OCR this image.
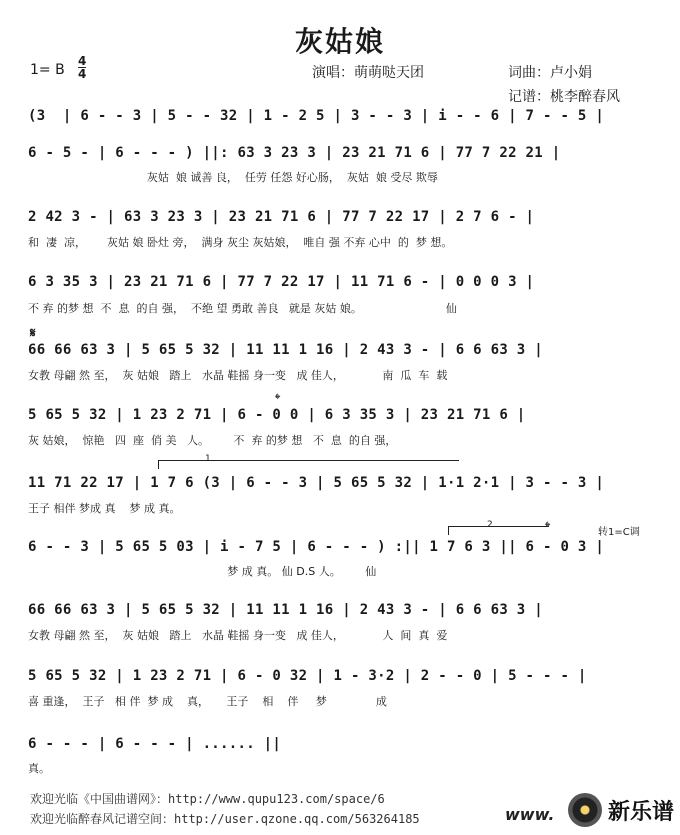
灰姑娘
1= B
4
4	演唱：萌萌哒天团	词曲：卢小娟
记谱：桃李醉春风
(3  | 6 - - 3 | 5 - - 32 | 1 - 2 5 | 3 - - 3 | i - - 6 | 7 - - 5 |
6 - 5 - | 6 - - - ) ||: 63 3 23 3 | 23 21 71 6 | 77 7 22 21 |
灰姑  娘 诚善 良，  任劳 任怨 好心肠，  灰姑  娘 受尽 欺辱
2 42 3 - | 63 3 23 3 | 23 21 71 6 | 77 7 22 17 | 2 7 6 - |
和  凄  凉，      灰姑 娘 卧灶 旁，  满身 灰尘 灰姑娘，  唯自 强 不弃 心中  的  梦 想。
6 3 35 3 | 23 21 71 6 | 77 7 22 17 | 11 71 6 - | 0 0 0 3 |
不 弃 的梦 想  不  息  的自 强，  不绝 望 勇敢 善良   就是 灰姑 娘。                        仙
𝄋
66 66 63 3 | 5 65 5 32 | 11 11 1 16 | 2 43 3 - | 6 6 63 3 |
女教 母翩 然 至，  灰 姑娘   踏上   水晶 鞋摇 身一变   成 佳人，           南  瓜  车  载
𝄌
5 65 5 32 | 1 23 2 71 | 6 - 0 0 | 6 3 35 3 | 23 21 71 6 |
灰 姑娘，  惊艳   四  座  俏 美   人。       不  弃 的梦 想   不  息  的自 强，
1
11 71 22 17 | 1 7 6 (3 | 6 - - 3 | 5 65 5 32 | 1·1 2·1 | 3 - - 3 |
王子 相伴 梦成 真    梦 成 真。
2	𝄌	转1=C调
6 - - 3 | 5 65 5 03 | i - 7 5 | 6 - - - ) :|| 1 7 6 3 || 6 - 0 3 |
梦 成 真。 仙 D.S 人。       仙
66 66 63 3 | 5 65 5 32 | 11 11 1 16 | 2 43 3 - | 6 6 63 3 |
女教 母翩 然 至，  灰 姑娘   踏上   水晶 鞋摇 身一变   成 佳人，           人  间  真  爱
5 65 5 32 | 1 23 2 71 | 6 - 0 32 | 1 - 3·2 | 2 - - 0 | 5 - - - |
喜 重逢，  王子   相 伴  梦 成    真，     王子    相    伴     梦              成
6 - - - | 6 - - - | ...... ||
真。
欢迎光临《中国曲谱网》：http://www.qupu123.com/space/6
欢迎光临醉春风记谱空间：http://user.qzone.qq.com/563264185	www. 新乐谱
